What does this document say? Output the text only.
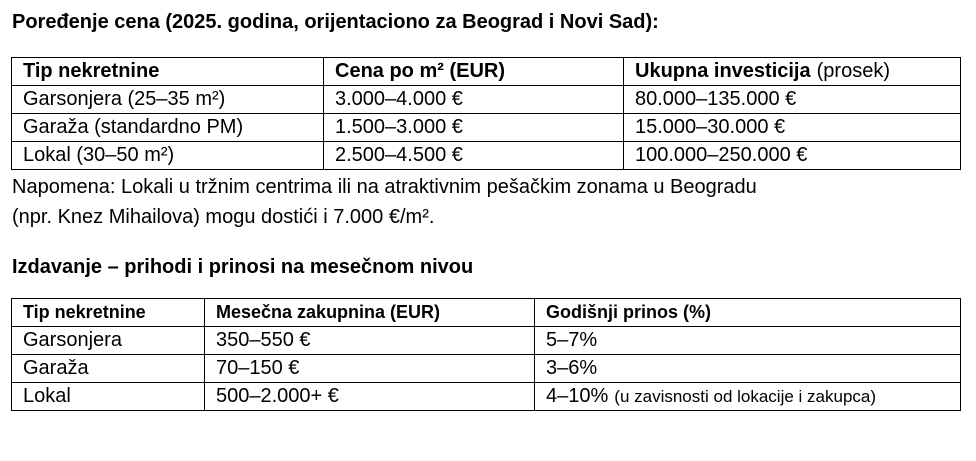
Poređenje cena (2025. godina, orijentaciono za Beograd i Novi Sad):
Tip nekretnine	Cena po m² (EUR)	Ukupna investicija (prosek)
Garsonjera (25–35 m²)	3.000–4.000 €	80.000–135.000 €
Garaža (standardno PM)	1.500–3.000 €	15.000–30.000 €
Lokal (30–50 m²)	2.500–4.500 €	100.000–250.000 €
Napomena: Lokali u tržnim centrima ili na atraktivnim pešačkim zonama u Beogradu
(npr. Knez Mihailova) mogu dostići i 7.000 €/m².
Izdavanje – prihodi i prinosi na mesečnom nivou
Tip nekretnine	Mesečna zakupnina (EUR)	Godišnji prinos (%)
Garsonjera	350–550 €	5–7%
Garaža	70–150 €	3–6%
Lokal	500–2.000+ €	4–10% (u zavisnosti od lokacije i zakupca)
